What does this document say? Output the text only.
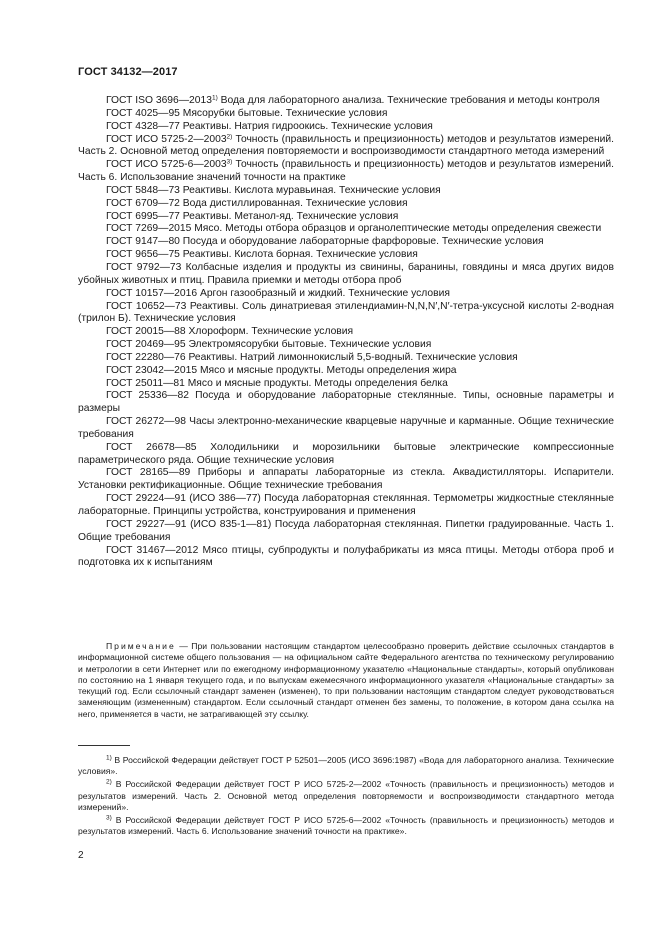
ГОСТ 34132—2017

ГОСТ ISO 3696—2013$^{1)}$ Вода для лабораторного анализа. Технические требования и методы контроля

ГОСТ 4025—95 Мясорубки бытовые. Технические условия

ГОСТ 4328—77 Реактивы. Натрия гидроокись. Технические условия

ГОСТ ИСО 5725-2—2003$^{2)}$ Точность (правильность и прецизионность) методов и результатов измерений. Часть 2. Основной метод определения повторяемости и воспроизводимости стандартного метода измерений

ГОСТ ИСО 5725-6—2003$^{3)}$ Точность (правильность и прецизионность) методов и результатов измерений. Часть 6. Использование значений точности на практике

ГОСТ 5848—73 Реактивы. Кислота муравьиная. Технические условия

ГОСТ 6709—72 Вода дистиллированная. Технические условия

ГОСТ 6995—77 Реактивы. Метанол-яд. Технические условия

ГОСТ 7269—2015 Мясо. Методы отбора образцов и органолептические методы определения свежести

ГОСТ 9147—80 Посуда и оборудование лабораторные фарфоровые. Технические условия

ГОСТ 9656—75 Реактивы. Кислота борная. Технические условия

ГОСТ 9792—73 Колбасные изделия и продукты из свинины, баранины, говядины и мяса других видов убойных животных и птиц. Правила приемки и методы отбора проб

ГОСТ 10157—2016 Аргон газообразный и жидкий. Технические условия

ГОСТ 10652—73 Реактивы. Соль динатриевая этилендиамин-N,N,N′,N′-тетра-уксусной кислоты 2-водная (трилон Б). Технические условия

ГОСТ 20015—88 Хлороформ. Технические условия

ГОСТ 20469—95 Электромясорубки бытовые. Технические условия

ГОСТ 22280—76 Реактивы. Натрий лимоннокислый 5,5-водный. Технические условия

ГОСТ 23042—2015 Мясо и мясные продукты. Методы определения жира

ГОСТ 25011—81 Мясо и мясные продукты. Методы определения белка

ГОСТ 25336—82 Посуда и оборудование лабораторные стеклянные. Типы, основные параметры и размеры

ГОСТ 26272—98 Часы электронно-механические кварцевые наручные и карманные. Общие технические требования

ГОСТ 26678—85 Холодильники и морозильники бытовые электрические компрессионные параметрического ряда. Общие технические условия

ГОСТ 28165—89 Приборы и аппараты лабораторные из стекла. Аквадистилляторы. Испарители. Установки ректификационные. Общие технические требования

ГОСТ 29224—91 (ИСО 386—77) Посуда лабораторная стеклянная. Термометры жидкостные стеклянные лабораторные. Принципы устройства, конструирования и применения

ГОСТ 29227—91 (ИСО 835-1—81) Посуда лабораторная стеклянная. Пипетки градуированные. Часть 1. Общие требования

ГОСТ 31467—2012 Мясо птицы, субпродукты и полуфабрикаты из мяса птицы. Методы отбора проб и подготовка их к испытаниям

Примечание — При пользовании настоящим стандартом целесообразно проверить действие ссылочных стандартов в информационной системе общего пользования — на официальном сайте Федерального агентства по техническому регулированию и метрологии в сети Интернет или по ежегодному информационному указателю «Национальные стандарты», который опубликован по состоянию на 1 января текущего года, и по выпускам ежемесячного информационного указателя «Национальные стандарты» за текущий год. Если ссылочный стандарт заменен (изменен), то при пользовании настоящим стандартом следует руководствоваться заменяющим (измененным) стандартом. Если ссылочный стандарт отменен без замены, то положение, в котором дана ссылка на него, применяется в части, не затрагивающей эту ссылку.

$^{1)}$ В Российской Федерации действует ГОСТ Р 52501—2005 (ИСО 3696:1987) «Вода для лабораторного анализа. Технические условия».

$^{2)}$ В Российской Федерации действует ГОСТ Р ИСО 5725-2—2002 «Точность (правильность и прецизионность) методов и результатов измерений. Часть 2. Основной метод определения повторяемости и воспроизводимости стандартного метода измерений».

$^{3)}$ В Российской Федерации действует ГОСТ Р ИСО 5725-6—2002 «Точность (правильность и прецизионность) методов и результатов измерений. Часть 6. Использование значений точности на практике».

2
